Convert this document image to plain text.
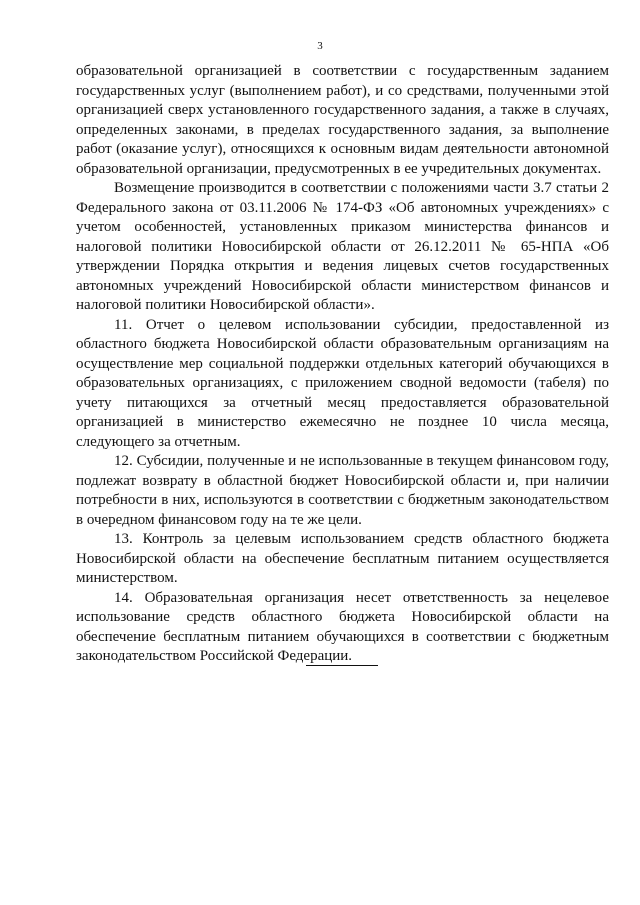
3

образовательной организацией в соответствии с государственным заданием государственных услуг (выполнением работ), и со средствами, полученными этой организацией сверх установленного государственного задания, а также в случаях, определенных законами, в пределах государственного задания, за выполнение работ (оказание услуг), относящихся к основным видам деятельности автономной образовательной организации, предусмотренных в ее учредительных документах.

Возмещение производится в соответствии с положениями части 3.7 статьи 2 Федерального закона от 03.11.2006 № 174-ФЗ «Об автономных учреждениях» с учетом особенностей, установленных приказом министерства финансов и налоговой политики Новосибирской области от 26.12.2011 № 65-НПА «Об утверждении Порядка открытия и ведения лицевых счетов государственных автономных учреждений Новосибирской области министерством финансов и налоговой политики Новосибирской области».

11. Отчет о целевом использовании субсидии, предоставленной из областного бюджета Новосибирской области образовательным организациям на осуществление мер социальной поддержки отдельных категорий обучающихся в образовательных организациях, с приложением сводной ведомости (табеля) по учету питающихся за отчетный месяц предоставляется образовательной организацией в министерство ежемесячно не позднее 10 числа месяца, следующего за отчетным.

12. Субсидии, полученные и не использованные в текущем финансовом году, подлежат возврату в областной бюджет Новосибирской области и, при наличии потребности в них, используются в соответствии с бюджетным законодательством в очередном финансовом году на те же цели.

13. Контроль за целевым использованием средств областного бюджета Новосибирской области на обеспечение бесплатным питанием осуществляется министерством.

14. Образовательная организация несет ответственность за нецелевое использование средств областного бюджета Новосибирской области на обеспечение бесплатным питанием обучающихся в соответствии с бюджетным законодательством Российской Федерации.
